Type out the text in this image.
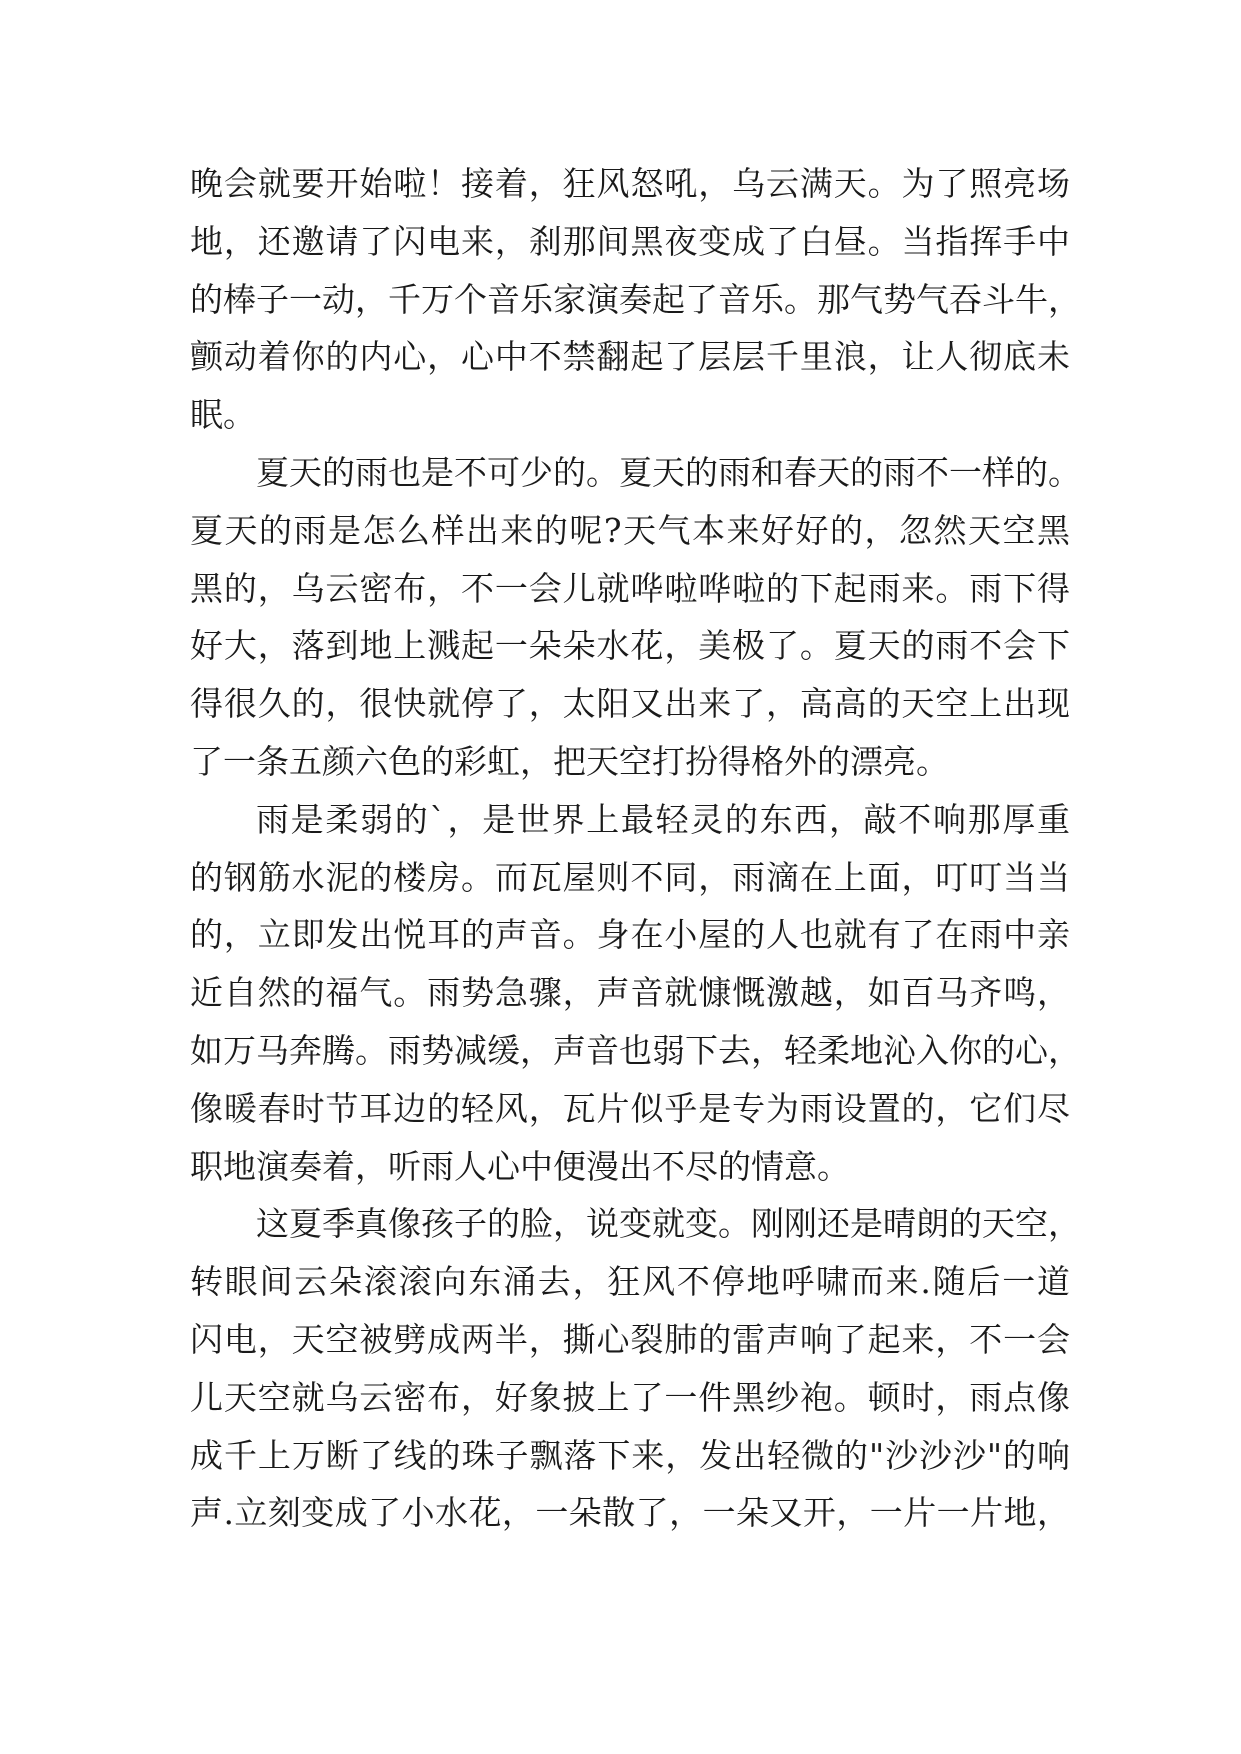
晚会就要开始啦！接着，狂风怒吼，乌云满天。为了照亮场
地，还邀请了闪电来，刹那间黑夜变成了白昼。当指挥手中
的棒子一动，千万个音乐家演奏起了音乐。那气势气吞斗牛，
颤动着你的内心，心中不禁翻起了层层千里浪，让人彻底未
眠。
夏天的雨也是不可少的。夏天的雨和春天的雨不一样的。
夏天的雨是怎么样出来的呢?天气本来好好的，忽然天空黑
黑的，乌云密布，不一会儿就哗啦哗啦的下起雨来。雨下得
好大，落到地上溅起一朵朵水花，美极了。夏天的雨不会下
得很久的，很快就停了，太阳又出来了，高高的天空上出现
了一条五颜六色的彩虹，把天空打扮得格外的漂亮。
雨是柔弱的`，是世界上最轻灵的东西，敲不响那厚重
的钢筋水泥的楼房。而瓦屋则不同，雨滴在上面，叮叮当当
的，立即发出悦耳的声音。身在小屋的人也就有了在雨中亲
近自然的福气。雨势急骤，声音就慷慨激越，如百马齐鸣，
如万马奔腾。雨势减缓，声音也弱下去，轻柔地沁入你的心，
像暖春时节耳边的轻风，瓦片似乎是专为雨设置的，它们尽
职地演奏着，听雨人心中便漫出不尽的情意。
这夏季真像孩子的脸，说变就变。刚刚还是晴朗的天空，
转眼间云朵滚滚向东涌去，狂风不停地呼啸而来.随后一道
闪电，天空被劈成两半，撕心裂肺的雷声响了起来，不一会
儿天空就乌云密布，好象披上了一件黑纱袍。顿时，雨点像
成千上万断了线的珠子飘落下来，发出轻微的"沙沙沙"的响
声.立刻变成了小水花，一朵散了，一朵又开，一片一片地，
